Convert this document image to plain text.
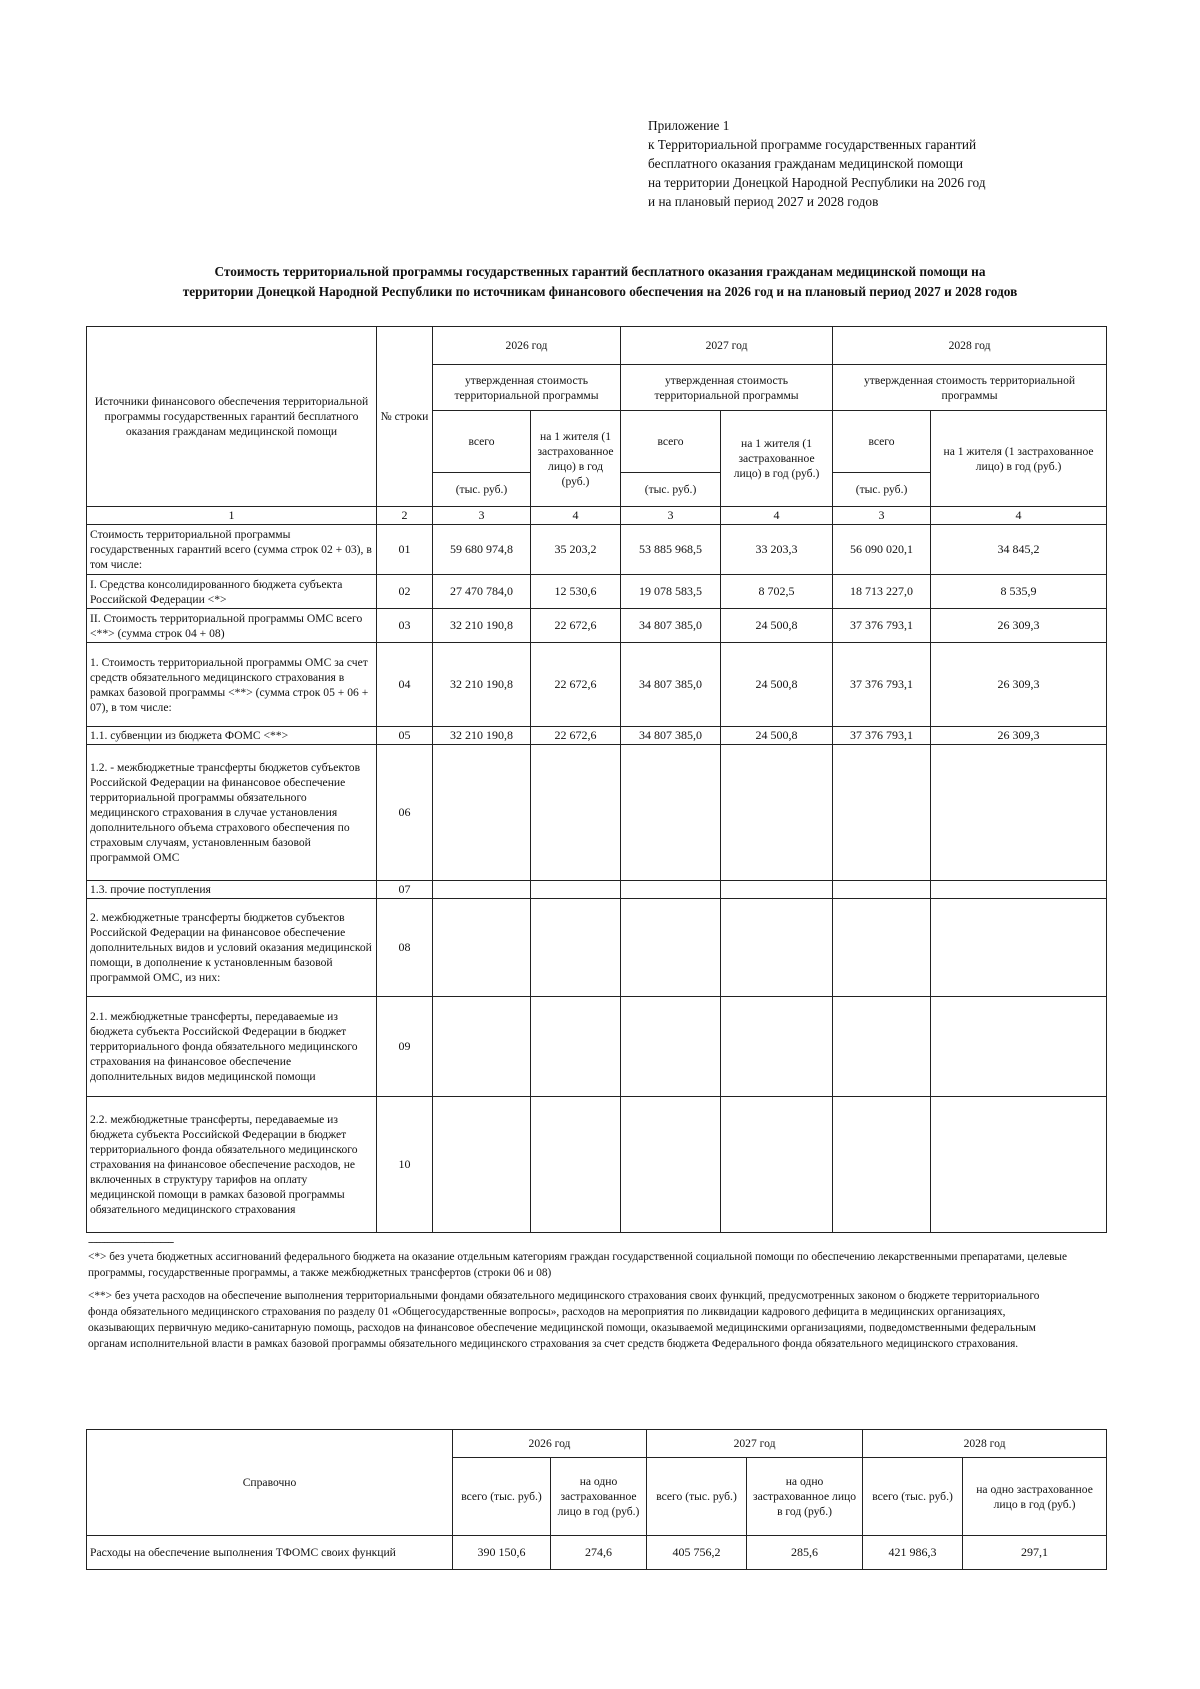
Приложение 1
к Территориальной программе государственных гарантий
бесплатного оказания гражданам медицинской помощи
на территории Донецкой Народной Республики на 2026 год
и на плановый период 2027 и 2028 годов
Стоимость территориальной программы государственных гарантий бесплатного оказания гражданам медицинской помощи на
территории Донецкой Народной Республики по источникам финансового обеспечения на 2026 год и на плановый период 2027 и 2028 годов
Источники финансового обеспечения территориальной программы государственных гарантий бесплатного оказания гражданам медицинской помощи	№ строки	2026 год		2027 год		2028 год	
		утвержденная стоимость территориальной программы		утвержденная стоимость территориальной программы		утвержденная стоимость территориальной программы	
		всего	на 1 жителя (1 застрахованное лицо) в год
(руб.)	всего	на 1 жителя (1 застрахованное лицо) в год (руб.)	всего	на 1 жителя (1 застрахованное лицо) в год (руб.)
		(тыс. руб.)		(тыс. руб.)		(тыс. руб.)	
1	2	3	4	3	4	3	4
Стоимость территориальной программы государственных гарантий всего (сумма строк 02 + 03), в том числе:	01	59 680 974,8	35 203,2	53 885 968,5	33 203,3	56 090 020,1	34 845,2
I. Средства консолидированного бюджета субъекта Российской Федерации <*>	02	27 470 784,0	12 530,6	19 078 583,5	8 702,5	18 713 227,0	8 535,9
II. Стоимость территориальной программы ОМС всего <**> (сумма строк 04 + 08)	03	32 210 190,8	22 672,6	34 807 385,0	24 500,8	37 376 793,1	26 309,3
1. Стоимость территориальной программы ОМС за счет средств обязательного медицинского страхования в рамках базовой программы <**> (сумма строк 05 + 06 + 07), в том числе:	04	32 210 190,8	22 672,6	34 807 385,0	24 500,8	37 376 793,1	26 309,3
1.1. субвенции из бюджета ФОМС <**>	05	32 210 190,8	22 672,6	34 807 385,0	24 500,8	37 376 793,1	26 309,3
1.2. - межбюджетные трансферты бюджетов субъектов Российской Федерации на финансовое обеспечение территориальной программы обязательного медицинского страхования в случае установления дополнительного объема страхового обеспечения по страховым случаям, установленным базовой программой ОМС	06						
1.3. прочие поступления	07						
2. межбюджетные трансферты бюджетов субъектов Российской Федерации на финансовое обеспечение дополнительных видов и условий оказания медицинской помощи, в дополнение к установленным базовой программой ОМС, из них:	08						
2.1. межбюджетные трансферты, передаваемые из бюджета субъекта Российской Федерации в бюджет территориального фонда обязательного медицинского страхования на финансовое обеспечение дополнительных видов медицинской помощи	09						
2.2. межбюджетные трансферты, передаваемые из бюджета субъекта Российской Федерации в бюджет территориального фонда обязательного медицинского страхования на финансовое обеспечение расходов, не включенных в структуру тарифов на оплату медицинской помощи в рамках базовой программы обязательного медицинского страхования	10						
--------------------------------
<*> без учета бюджетных ассигнований федерального бюджета на оказание отдельным категориям граждан государственной социальной помощи по обеспечению лекарственными препаратами, целевые программы, государственные программы, а также межбюджетных трансфертов (строки 06 и 08)
<**> без учета расходов на обеспечение выполнения территориальными фондами обязательного медицинского страхования своих функций, предусмотренных законом о бюджете территориального фонда обязательного медицинского страхования по разделу 01 «Общегосударственные вопросы», расходов на мероприятия по ликвидации кадрового дефицита в медицинских организациях, оказывающих первичную медико-санитарную помощь, расходов на финансовое обеспечение медицинской помощи, оказываемой медицинскими организациями, подведомственными федеральным органам исполнительной власти в рамках базовой программы обязательного медицинского страхования за счет средств бюджета Федерального фонда обязательного медицинского страхования.
Справочно	2026 год		2027 год		2028 год	
	всего (тыс. руб.)	на одно застрахованное лицо в год (руб.)	всего (тыс. руб.)	на одно застрахованное лицо в год (руб.)	всего (тыс. руб.)	на одно застрахованное лицо в год (руб.)
Расходы на обеспечение выполнения ТФОМС своих функций	390 150,6	274,6	405 756,2	285,6	421 986,3	297,1
